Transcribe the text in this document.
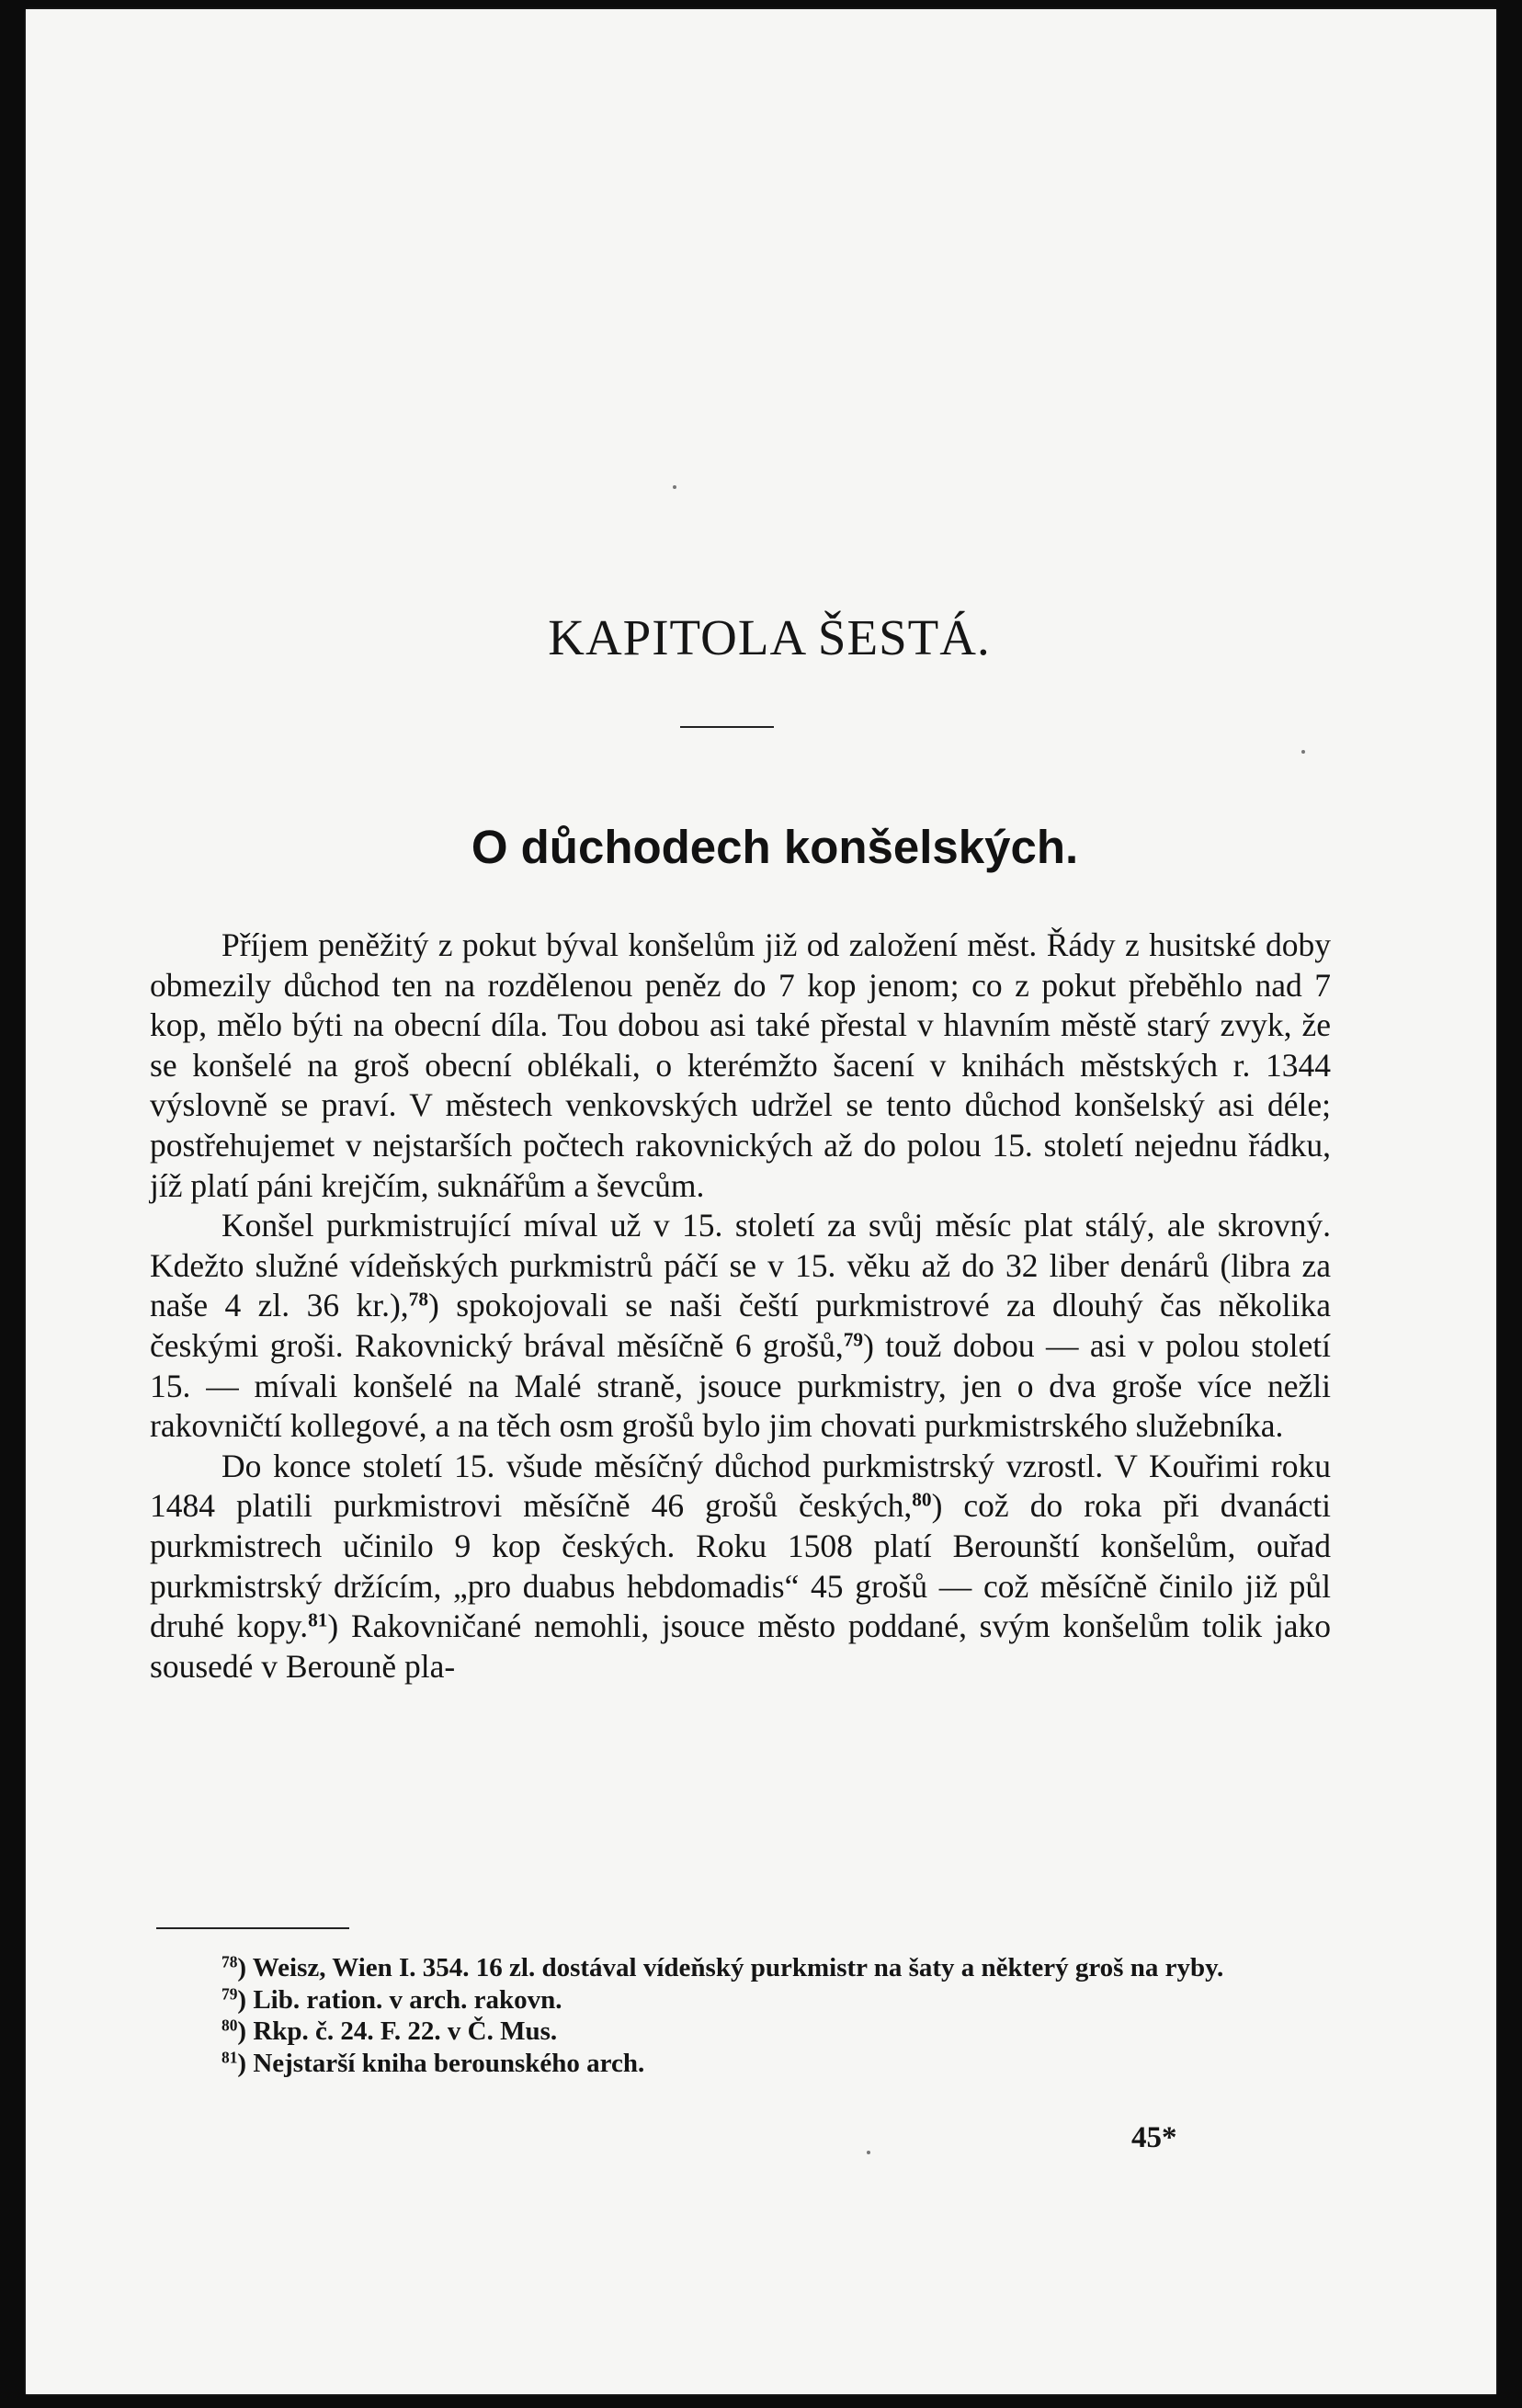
KAPITOLA ŠESTÁ.
O důchodech konšelských.

Příjem peněžitý z pokut býval konšelům již od založení měst. Řády z husitské doby obmezily důchod ten na rozdělenou peněz do 7 kop jenom; co z pokut přeběhlo nad 7 kop, mělo býti na obecní díla. Tou dobou asi také přestal v hlavním městě starý zvyk, že se konšelé na groš obecní oblékali, o kterémžto šacení v knihách městských r. 1344 výslovně se praví. V městech venkovských udržel se tento důchod konšelský asi déle; postřehujemet v nejstarších počtech rakovnických až do polou 15. století nejednu řádku, jíž platí páni krejčím, suknářům a ševcům.

Konšel purkmistrující míval už v 15. století za svůj měsíc plat stálý, ale skrovný. Kdežto služné vídeňských purkmistrů páčí se v 15. věku až do 32 liber denárů (libra za naše 4 zl. 36 kr.),$^{78}$) spokojovali se naši čeští purkmistrové za dlouhý čas několika českými groši. Rakovnický brával měsíčně 6 grošů,$^{79}$) touž dobou — asi v polou století 15. — mívali konšelé na Malé straně, jsouce purkmistry, jen o dva groše více nežli rakovničtí kollegové, a na těch osm grošů bylo jim chovati purkmistrského služebníka.

Do konce století 15. všude měsíčný důchod purkmistrský vzrostl. V Kouřimi roku 1484 platili purkmistrovi měsíčně 46 grošů českých,$^{80}$) což do roka při dvanácti purkmistrech učinilo 9 kop českých. Roku 1508 platí Berounští konšelům, ouřad purkmistrský držícím, „pro duabus hebdomadis“ 45 grošů — což měsíčně činilo již půl druhé kopy.$^{81}$) Rakovničané nemohli, jsouce město poddané, svým konšelům tolik jako sousedé v Berouně pla-

$^{78}$) Weisz, Wien I. 354. 16 zl. dostával vídeňský purkmistr na šaty a některý groš na ryby.

$^{79}$) Lib. ration. v arch. rakovn.

$^{80}$) Rkp. č. 24. F. 22. v Č. Mus.

$^{81}$) Nejstarší kniha berounského arch.

45*
